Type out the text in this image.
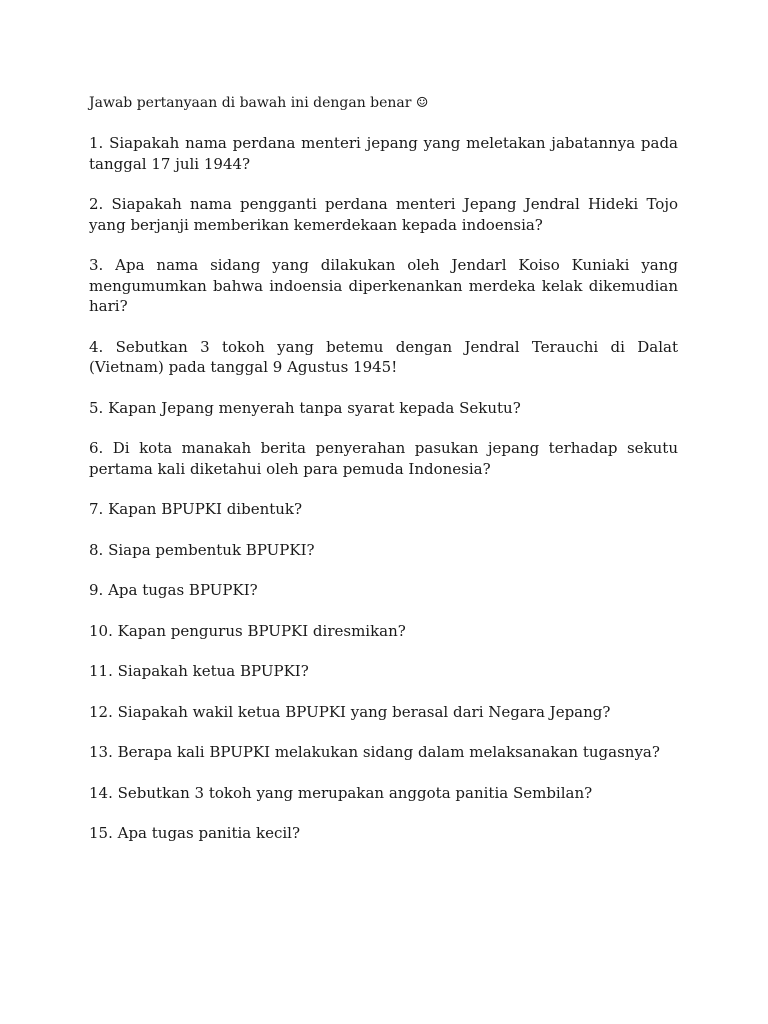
Jawab pertanyaan di bawah ini dengan benar ☺

1. Siapakah nama perdana menteri jepang yang meletakan jabatannya pada tanggal 17 juli 1944?

2. Siapakah nama pengganti perdana menteri Jepang Jendral Hideki Tojo yang berjanji memberikan kemerdekaan kepada indoensia?

3. Apa nama sidang yang dilakukan oleh Jendarl Koiso Kuniaki yang mengumumkan bahwa indoensia diperkenankan merdeka kelak dikemudian hari?

4. Sebutkan 3 tokoh yang betemu dengan Jendral Terauchi di Dalat (Vietnam) pada tanggal 9 Agustus 1945!

5. Kapan Jepang menyerah tanpa syarat kepada Sekutu?

6. Di kota manakah berita penyerahan pasukan jepang terhadap sekutu pertama kali diketahui oleh para pemuda Indonesia?

7. Kapan BPUPKI dibentuk?

8. Siapa pembentuk BPUPKI?

9. Apa tugas BPUPKI?

10. Kapan pengurus BPUPKI diresmikan?

11. Siapakah ketua BPUPKI?

12. Siapakah wakil ketua BPUPKI yang berasal dari Negara Jepang?

13. Berapa kali BPUPKI melakukan sidang dalam melaksanakan tugasnya?

14. Sebutkan 3 tokoh yang merupakan anggota panitia Sembilan?

15. Apa tugas panitia kecil?
